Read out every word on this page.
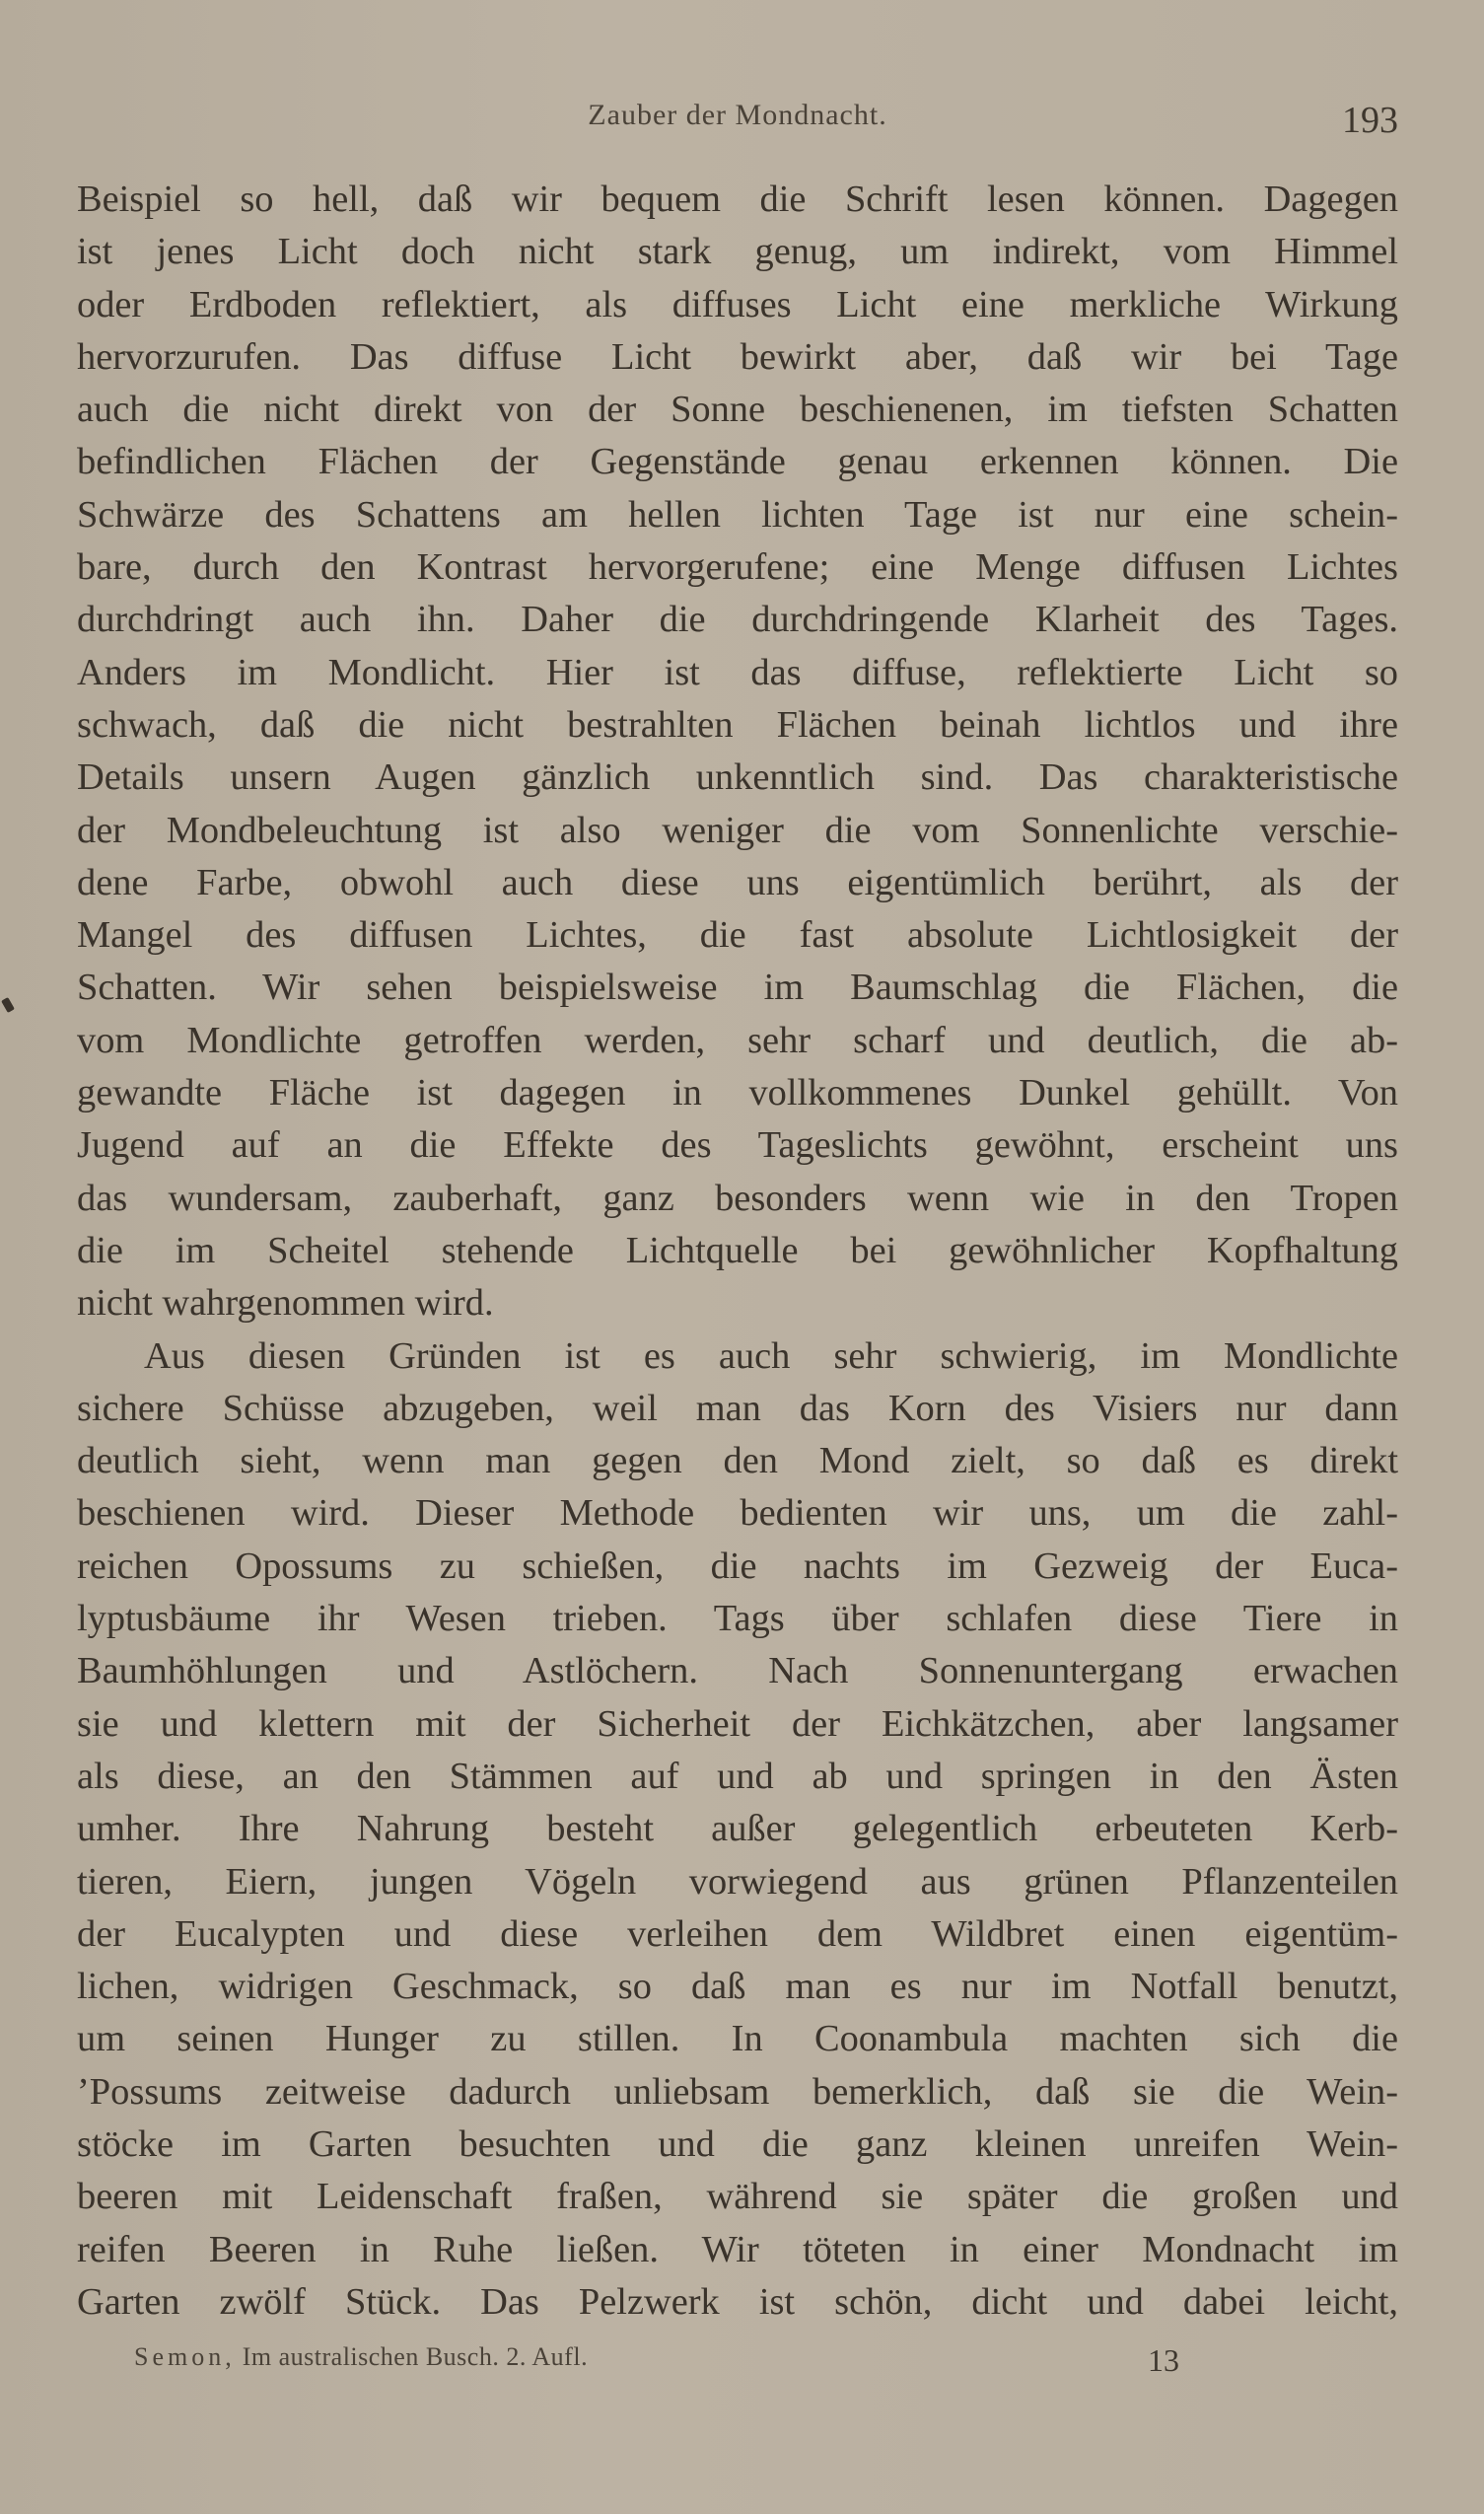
Zauber der Mondnacht.	193
Beispiel so hell, daß wir bequem die Schrift lesen können. Dagegen
ist jenes Licht doch nicht stark genug, um indirekt, vom Himmel
oder Erdboden reflektiert, als diffuses Licht eine merkliche Wirkung
hervorzurufen. Das diffuse Licht bewirkt aber, daß wir bei Tage
auch die nicht direkt von der Sonne beschienenen, im tiefsten Schatten
befindlichen Flächen der Gegenstände genau erkennen können. Die
Schwärze des Schattens am hellen lichten Tage ist nur eine schein-
bare, durch den Kontrast hervorgerufene; eine Menge diffusen Lichtes
durchdringt auch ihn. Daher die durchdringende Klarheit des Tages.
Anders im Mondlicht. Hier ist das diffuse, reflektierte Licht so
schwach, daß die nicht bestrahlten Flächen beinah lichtlos und ihre
Details unsern Augen gänzlich unkenntlich sind. Das charakteristische
der Mondbeleuchtung ist also weniger die vom Sonnenlichte verschie-
dene Farbe, obwohl auch diese uns eigentümlich berührt, als der
Mangel des diffusen Lichtes, die fast absolute Lichtlosigkeit der
Schatten. Wir sehen beispielsweise im Baumschlag die Flächen, die
vom Mondlichte getroffen werden, sehr scharf und deutlich, die ab-
gewandte Fläche ist dagegen in vollkommenes Dunkel gehüllt. Von
Jugend auf an die Effekte des Tageslichts gewöhnt, erscheint uns
das wundersam, zauberhaft, ganz besonders wenn wie in den Tropen
die im Scheitel stehende Lichtquelle bei gewöhnlicher Kopfhaltung
nicht wahrgenommen wird.
Aus diesen Gründen ist es auch sehr schwierig, im Mondlichte
sichere Schüsse abzugeben, weil man das Korn des Visiers nur dann
deutlich sieht, wenn man gegen den Mond zielt, so daß es direkt
beschienen wird. Dieser Methode bedienten wir uns, um die zahl-
reichen Opossums zu schießen, die nachts im Gezweig der Euca-
lyptusbäume ihr Wesen trieben. Tags über schlafen diese Tiere in
Baumhöhlungen und Astlöchern. Nach Sonnenuntergang erwachen
sie und klettern mit der Sicherheit der Eichkätzchen, aber langsamer
als diese, an den Stämmen auf und ab und springen in den Ästen
umher. Ihre Nahrung besteht außer gelegentlich erbeuteten Kerb-
tieren, Eiern, jungen Vögeln vorwiegend aus grünen Pflanzenteilen
der Eucalypten und diese verleihen dem Wildbret einen eigentüm-
lichen, widrigen Geschmack, so daß man es nur im Notfall benutzt,
um seinen Hunger zu stillen. In Coonambula machten sich die
’Possums zeitweise dadurch unliebsam bemerklich, daß sie die Wein-
stöcke im Garten besuchten und die ganz kleinen unreifen Wein-
beeren mit Leidenschaft fraßen, während sie später die großen und
reifen Beeren in Ruhe ließen. Wir töteten in einer Mondnacht im
Garten zwölf Stück. Das Pelzwerk ist schön, dicht und dabei leicht,
Semon, Im australischen Busch. 2. Aufl.	13
